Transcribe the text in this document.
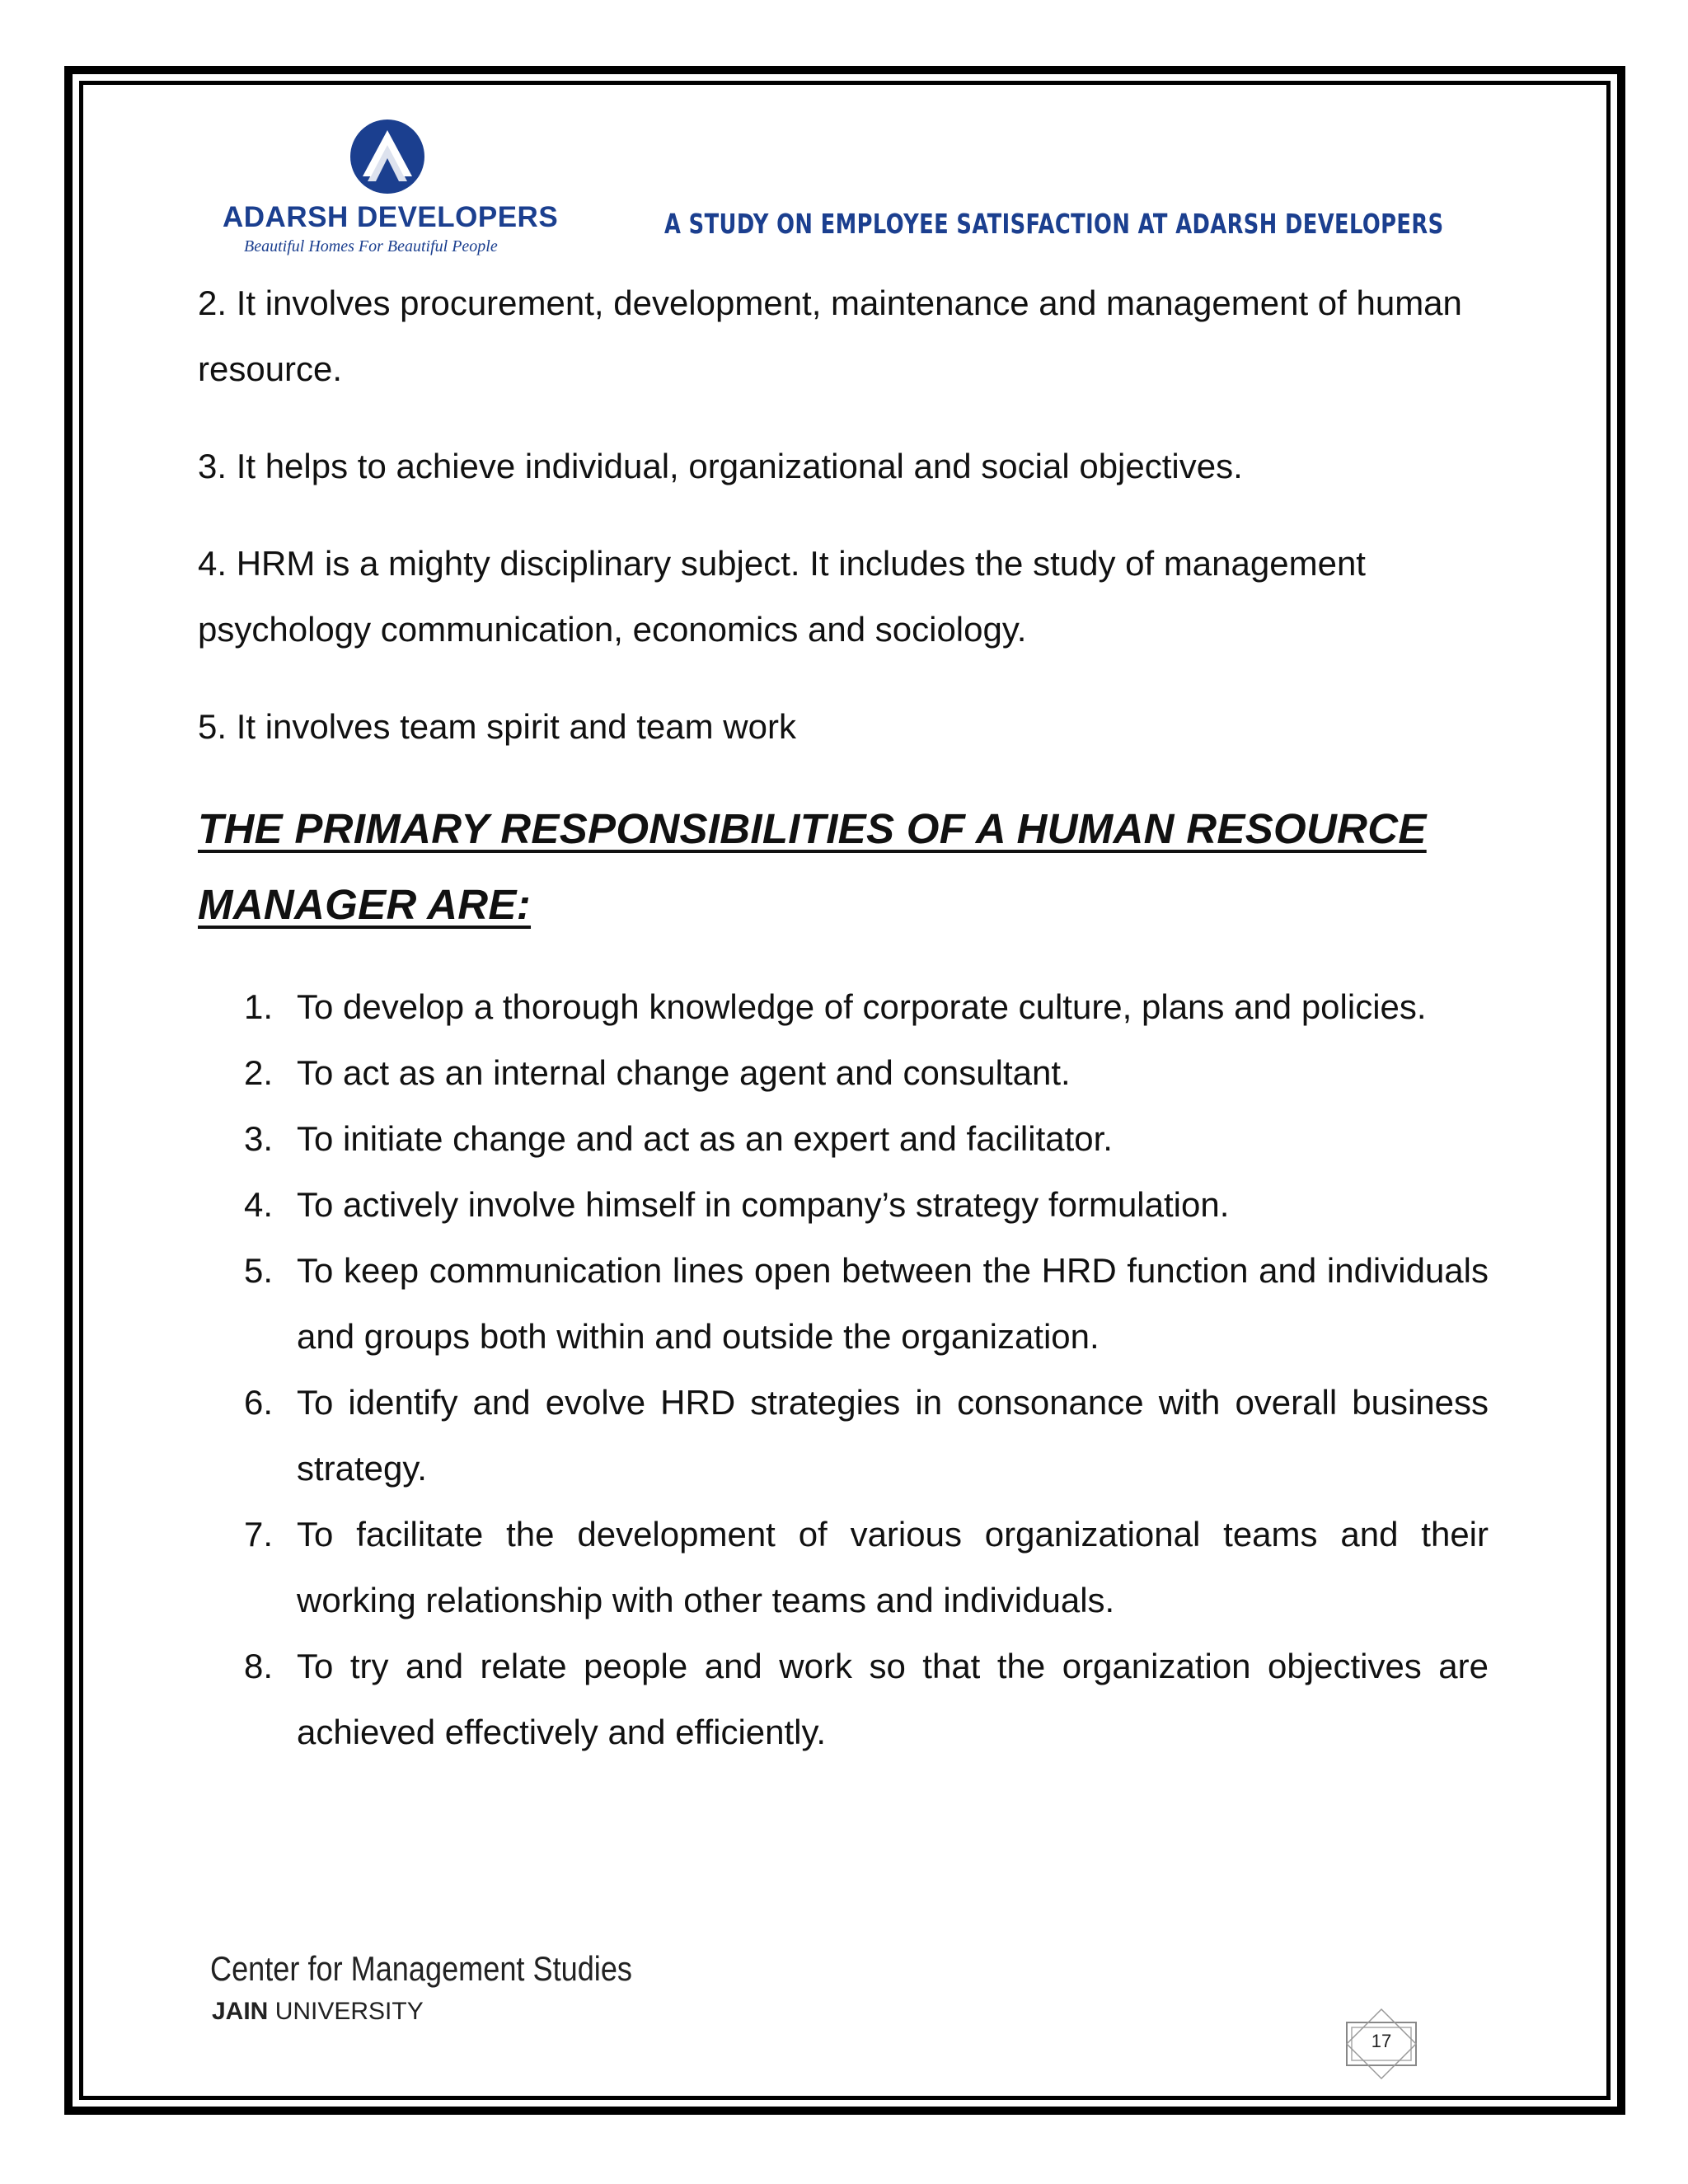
ADARSH DEVELOPERS
Beautiful Homes For Beautiful People
A STUDY ON EMPLOYEE SATISFACTION AT ADARSH DEVELOPERS

2. It involves procurement, development, maintenance and management of human resource.

3. It helps to achieve individual, organizational and social objectives.

4. HRM is a mighty disciplinary subject. It includes the study of management psychology communication, economics and sociology.

5. It involves team spirit and team work

THE PRIMARY RESPONSIBILITIES OF A HUMAN RESOURCE MANAGER ARE:
1. To develop a thorough knowledge of corporate culture, plans and policies.
2. To act as an internal change agent and consultant.
3. To initiate change and act as an expert and facilitator.
4. To actively involve himself in company’s strategy formulation.
5. To keep communication lines open between the HRD function and individuals and groups both within and outside the organization.
6. To identify and evolve HRD strategies in consonance with overall business strategy.
7. To facilitate the development of various organizational teams and their working relationship with other teams and individuals.
8. To try and relate people and work so that the organization objectives are achieved effectively and efficiently.
Center for Management Studies
JAIN UNIVERSITY

17
